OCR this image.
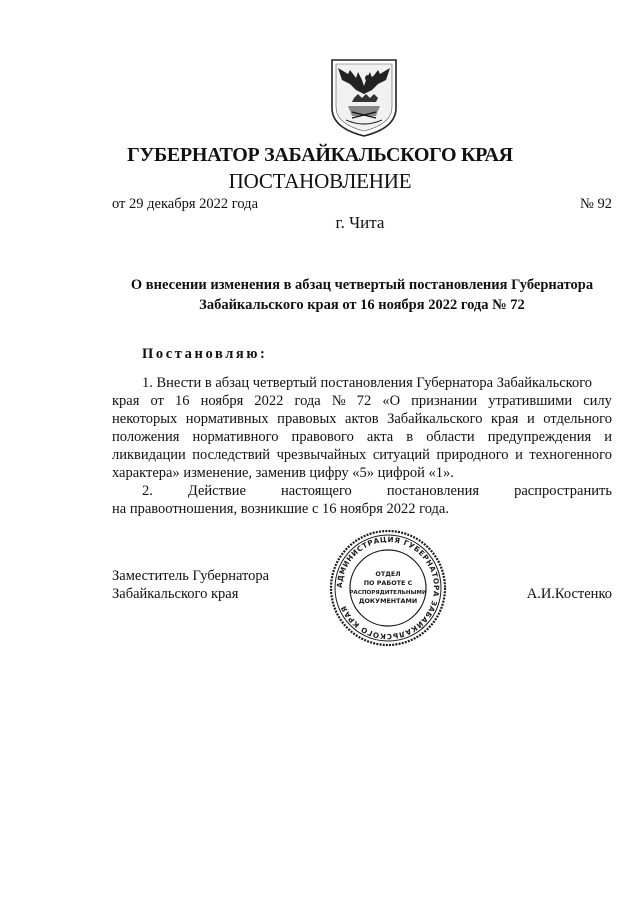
ГУБЕРНАТОР ЗАБАЙКАЛЬСКОГО КРАЯ
ПОСТАНОВЛЕНИЕ
от 29 декабря 2022 года	№ 92
г. Чита
О внесении изменения в абзац четвертый постановления Губернатора
Забайкальского края от 16 ноября 2022 года № 72
Постановляю:
1. Внести в абзац четвертый постановления Губернатора Забайкальского
края от 16 ноября 2022 года № 72 «О признании утратившими силу
некоторых нормативных правовых актов Забайкальского края и отдельного
положения нормативного правового акта в области предупреждения и
ликвидации последствий чрезвычайных ситуаций природного и техногенного
характера» изменение, заменив цифру «5» цифрой «1».
2. Действие настоящего постановления распространить
на правоотношения, возникшие с 16 ноября 2022 года.
Заместитель Губернатора
Забайкальского края	А.И.Костенко
АДМИНИСТРАЦИЯ ГУБЕРНАТОРА ЗАБАЙКАЛЬСКОГО КРАЯ
ОТДЕЛ
ПО РАБОТЕ С
РАСПОРЯДИТЕЛЬНЫМИ
ДОКУМЕНТАМИ
